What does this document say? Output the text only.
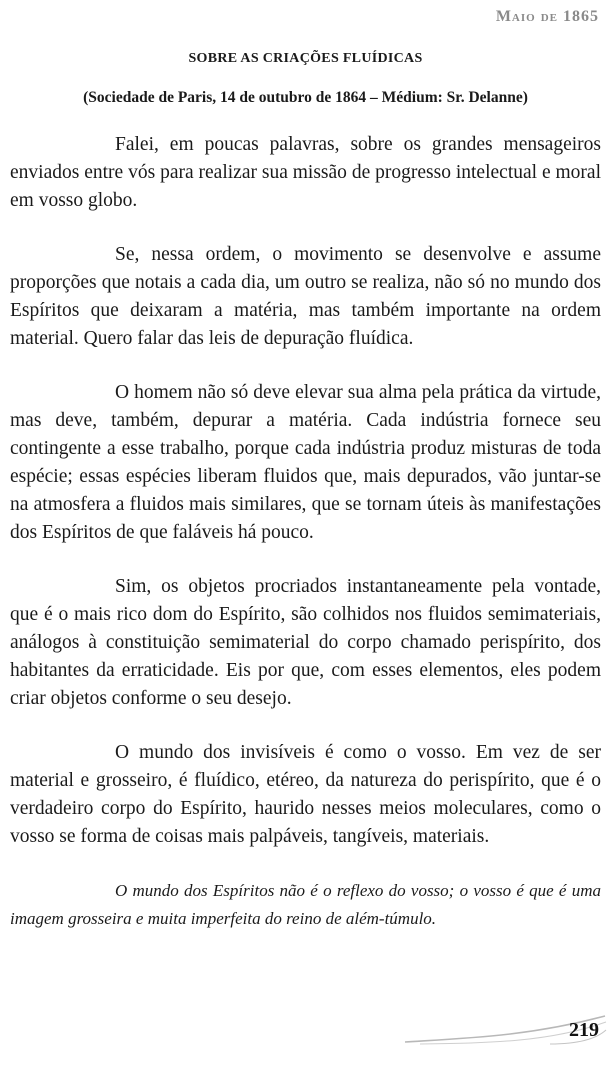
Maio de 1865
SOBRE AS CRIAÇÕES FLUÍDICAS
(Sociedade de Paris, 14 de outubro de 1864 – Médium: Sr. Delanne)

Falei, em poucas palavras, sobre os grandes mensageiros enviados entre vós para realizar sua missão de progresso intelectual e moral em vosso globo.

Se, nessa ordem, o movimento se desenvolve e assume proporções que notais a cada dia, um outro se realiza, não só no mundo dos Espíritos que deixaram a matéria, mas também importante na ordem material. Quero falar das leis de depuração fluídica.

O homem não só deve elevar sua alma pela prática da virtude, mas deve, também, depurar a matéria. Cada indústria fornece seu contingente a esse trabalho, porque cada indústria produz misturas de toda espécie; essas espécies liberam fluidos que, mais depurados, vão juntar-se na atmosfera a fluidos mais similares, que se tornam úteis às manifestações dos Espíritos de que faláveis há pouco.

Sim, os objetos procriados instantaneamente pela vontade, que é o mais rico dom do Espírito, são colhidos nos fluidos semimateriais, análogos à constituição semimaterial do corpo chamado perispírito, dos habitantes da erraticidade. Eis por que, com esses elementos, eles podem criar objetos conforme o seu desejo.

O mundo dos invisíveis é como o vosso. Em vez de ser material e grosseiro, é fluídico, etéreo, da natureza do perispírito, que é o verdadeiro corpo do Espírito, haurido nesses meios moleculares, como o vosso se forma de coisas mais palpáveis, tangíveis, materiais.

O mundo dos Espíritos não é o reflexo do vosso; o vosso é que é uma imagem grosseira e muita imperfeita do reino de além-túmulo.

219
